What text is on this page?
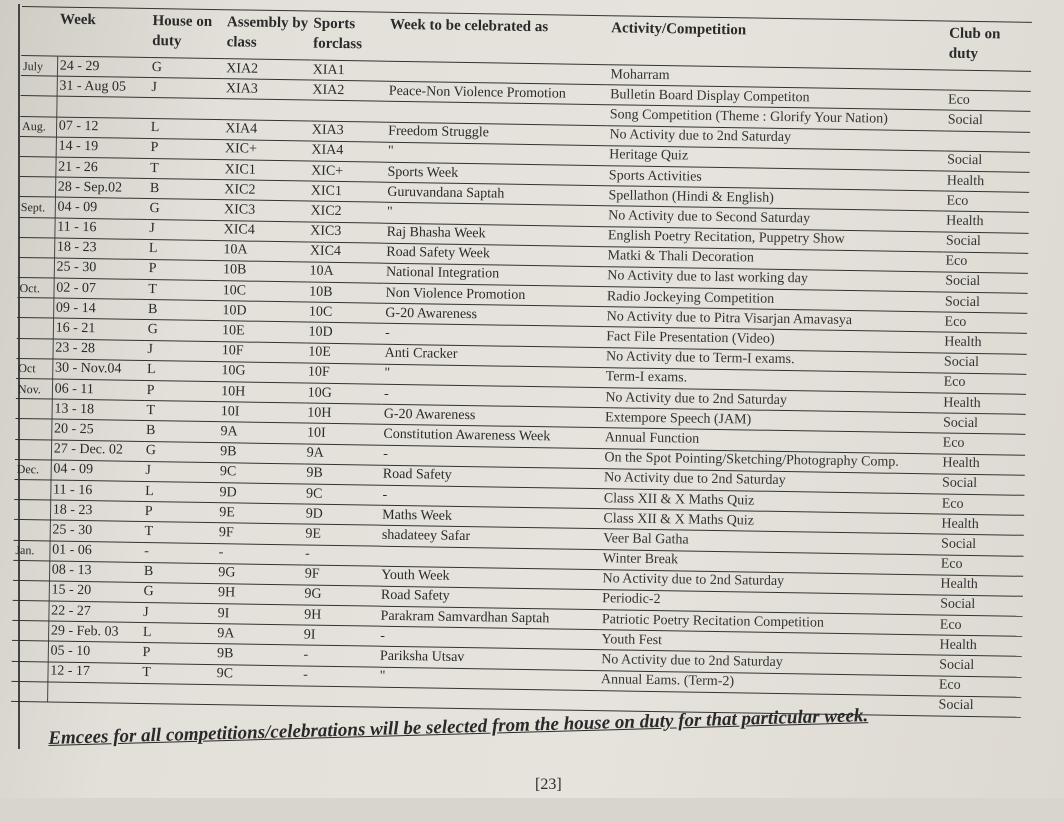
	Week	House on duty	Assembly by class	Sports forclass	Week to be celebrated as	Activity/Competition	Club on duty
July	24 - 29	G	XIA2	XIA1		Moharram	
	31 - Aug 05	J	XIA3	XIA2	Peace-Non Violence Promotion	Bulletin Board Display Competiton	Eco
						Song Competition (Theme : Glorify Your Nation)	Social
Aug.	07 - 12	L	XIA4	XIA3	Freedom Struggle	No Activity due to 2nd Saturday	
	14 - 19	P	XIC+	XIA4	"	Heritage Quiz	Social
	21 - 26	T	XIC1	XIC+	Sports Week	Sports Activities	Health
	28 - Sep.02	B	XIC2	XIC1	Guruvandana Saptah	Spellathon (Hindi & English)	Eco
Sept.	04 - 09	G	XIC3	XIC2	"	No Activity due to Second Saturday	Health
	11 - 16	J	XIC4	XIC3	Raj Bhasha Week	English Poetry Recitation, Puppetry Show	Social
	18 - 23	L	10A	XIC4	Road Safety Week	Matki & Thali Decoration	Eco
	25 - 30	P	10B	10A	National Integration	No Activity due to last working day	Social
Oct.	02 - 07	T	10C	10B	Non Violence Promotion	Radio Jockeying Competition	Social
	09 - 14	B	10D	10C	G-20 Awareness	No Activity due to Pitra Visarjan Amavasya	Eco
	16 - 21	G	10E	10D	-	Fact File Presentation (Video)	Health
	23 - 28	J	10F	10E	Anti Cracker	No Activity due to Term-I exams.	Social
Oct	30 - Nov.04	L	10G	10F	"	Term-I exams.	Eco
Nov.	06 - 11	P	10H	10G	-	No Activity due to 2nd Saturday	Health
	13 - 18	T	10I	10H	G-20 Awareness	Extempore Speech (JAM)	Social
	20 - 25	B	9A	10I	Constitution Awareness Week	Annual Function	Eco
	27 - Dec. 02	G	9B	9A	-	On the Spot Pointing/Sketching/Photography Comp.	Health
Dec.	04 - 09	J	9C	9B	Road Safety	No Activity due to 2nd Saturday	Social
	11 - 16	L	9D	9C	-	Class XII & X Maths Quiz	Eco
	18 - 23	P	9E	9D	Maths Week	Class XII & X Maths Quiz	Health
	25 - 30	T	9F	9E	shadateey Safar	Veer Bal Gatha	Social
Jan.	01 - 06	-	-	-		Winter Break	Eco
	08 - 13	B	9G	9F	Youth Week	No Activity due to 2nd Saturday	Health
	15 - 20	G	9H	9G	Road Safety	Periodic-2	Social
	22 - 27	J	9I	9H	Parakram Samvardhan Saptah	Patriotic Poetry Recitation Competition	Eco
	29 - Feb. 03	L	9A	9I	-	Youth Fest	Health
	05 - 10	P	9B	-	Pariksha Utsav	No Activity due to 2nd Saturday	Social
	12 - 17	T	9C	-	"	Annual Eams. (Term-2)	Eco
							Social
Emcees for all competitions/celebrations will be selected from the house on duty for that particular week.
[23]
